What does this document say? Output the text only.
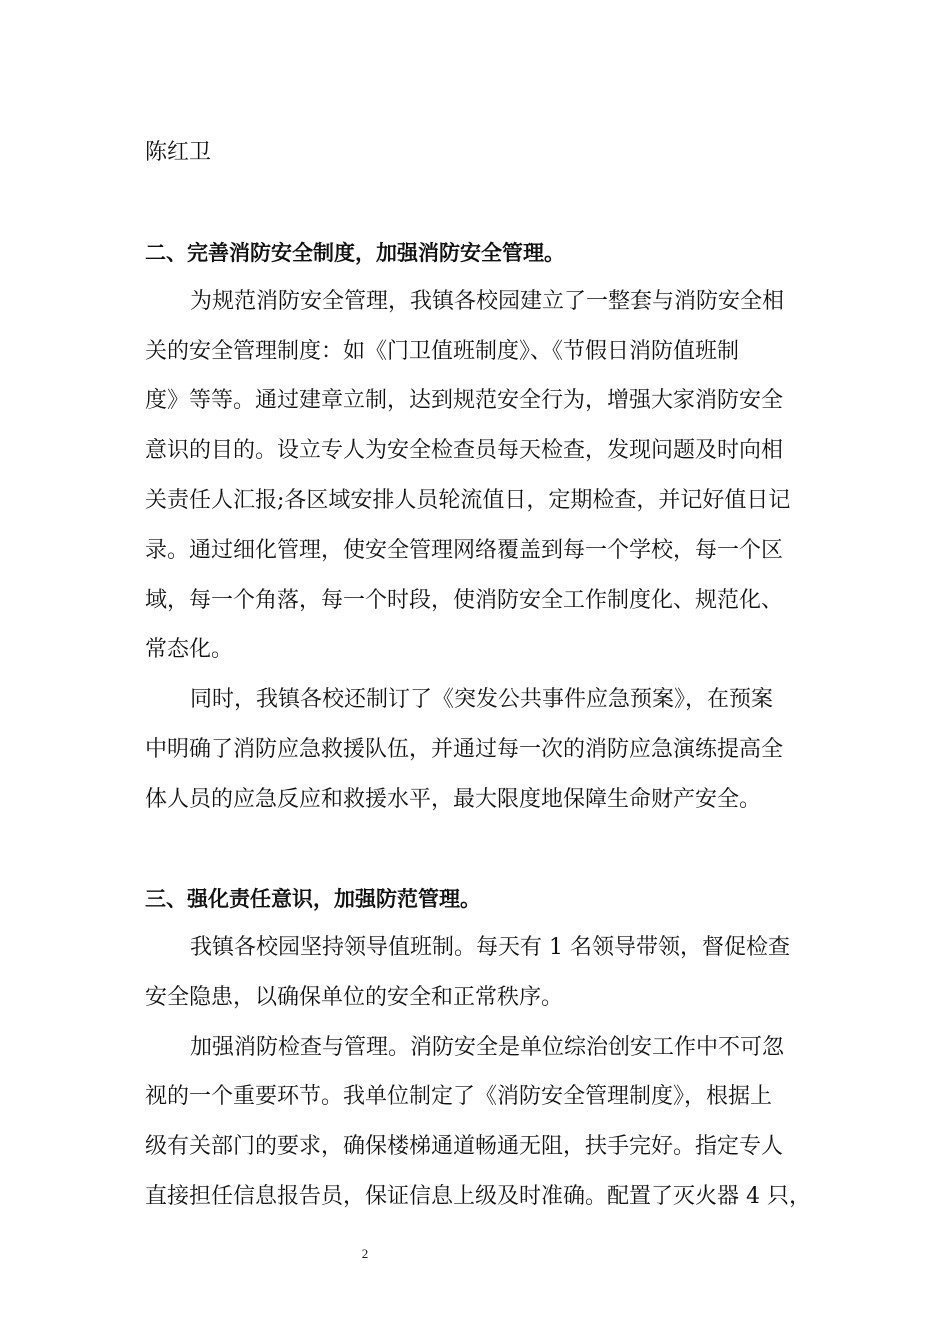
陈红卫
二、完善消防安全制度，加强消防安全管理。
为规范消防安全管理，我镇各校园建立了一整套与消防安全相
关的安全管理制度：如《门卫值班制度》、《节假日消防值班制
度》等等。通过建章立制，达到规范安全行为，增强大家消防安全
意识的目的。设立专人为安全检查员每天检查，发现问题及时向相
关责任人汇报;各区域安排人员轮流值日，定期检查，并记好值日记
录。通过细化管理，使安全管理网络覆盖到每一个学校，每一个区
域，每一个角落，每一个时段，使消防安全工作制度化、规范化、
常态化。
同时，我镇各校还制订了《突发公共事件应急预案》，在预案
中明确了消防应急救援队伍，并通过每一次的消防应急演练提高全
体人员的应急反应和救援水平，最大限度地保障生命财产安全。
三、强化责任意识，加强防范管理。
我镇各校园坚持领导值班制。每天有 1 名领导带领，督促检查
安全隐患，以确保单位的安全和正常秩序。
加强消防检查与管理。消防安全是单位综治创安工作中不可忽
视的一个重要环节。我单位制定了《消防安全管理制度》，根据上
级有关部门的要求，确保楼梯通道畅通无阻，扶手完好。指定专人
直接担任信息报告员，保证信息上级及时准确。配置了灭火器 4 只，
2
